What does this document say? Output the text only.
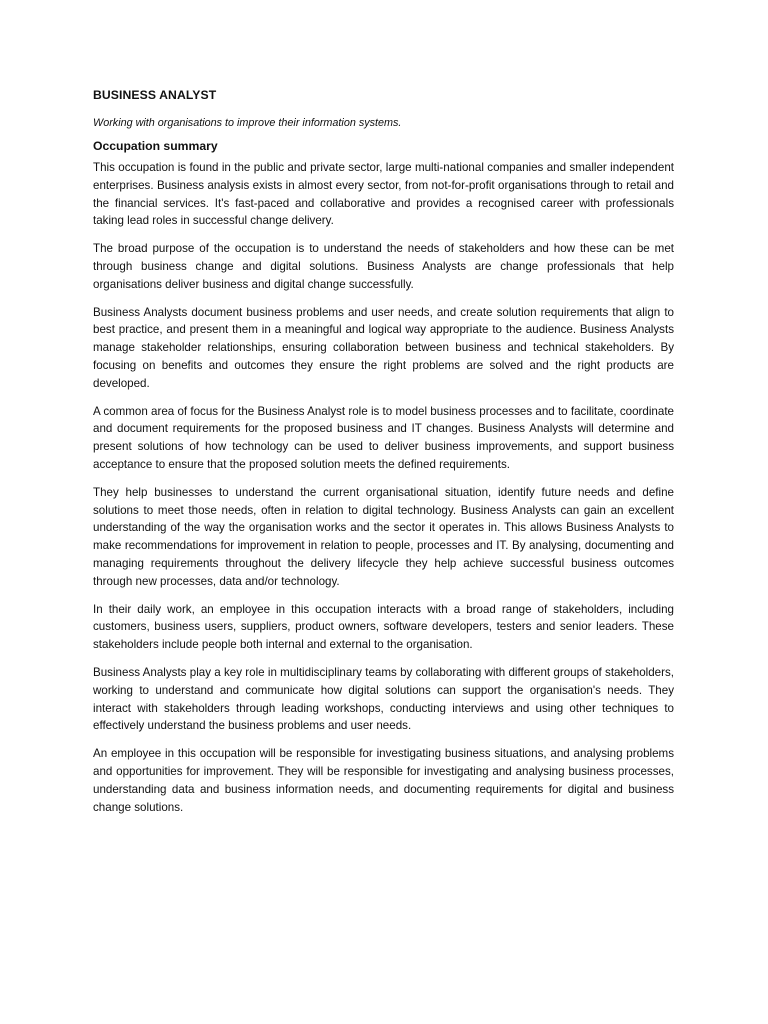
BUSINESS ANALYST
Working with organisations to improve their information systems.
Occupation summary

This occupation is found in the public and private sector, large multi-national companies and smaller independent enterprises. Business analysis exists in almost every sector, from not-for-profit organisations through to retail and the financial services. It's fast-paced and collaborative and provides a recognised career with professionals taking lead roles in successful change delivery.

The broad purpose of the occupation is to understand the needs of stakeholders and how these can be met through business change and digital solutions. Business Analysts are change professionals that help organisations deliver business and digital change successfully.

Business Analysts document business problems and user needs, and create solution requirements that align to best practice, and present them in a meaningful and logical way appropriate to the audience. Business Analysts manage stakeholder relationships, ensuring collaboration between business and technical stakeholders. By focusing on benefits and outcomes they ensure the right problems are solved and the right products are developed.

A common area of focus for the Business Analyst role is to model business processes and to facilitate, coordinate and document requirements for the proposed business and IT changes. Business Analysts will determine and present solutions of how technology can be used to deliver business improvements, and support business acceptance to ensure that the proposed solution meets the defined requirements.

They help businesses to understand the current organisational situation, identify future needs and define solutions to meet those needs, often in relation to digital technology. Business Analysts can gain an excellent understanding of the way the organisation works and the sector it operates in. This allows Business Analysts to make recommendations for improvement in relation to people, processes and IT. By analysing, documenting and managing requirements throughout the delivery lifecycle they help achieve successful business outcomes through new processes, data and/or technology.

In their daily work, an employee in this occupation interacts with a broad range of stakeholders, including customers, business users, suppliers, product owners, software developers, testers and senior leaders. These stakeholders include people both internal and external to the organisation.

Business Analysts play a key role in multidisciplinary teams by collaborating with different groups of stakeholders, working to understand and communicate how digital solutions can support the organisation's needs. They interact with stakeholders through leading workshops, conducting interviews and using other techniques to effectively understand the business problems and user needs.

An employee in this occupation will be responsible for investigating business situations, and analysing problems and opportunities for improvement. They will be responsible for investigating and analysing business processes, understanding data and business information needs, and documenting requirements for digital and business change solutions.
